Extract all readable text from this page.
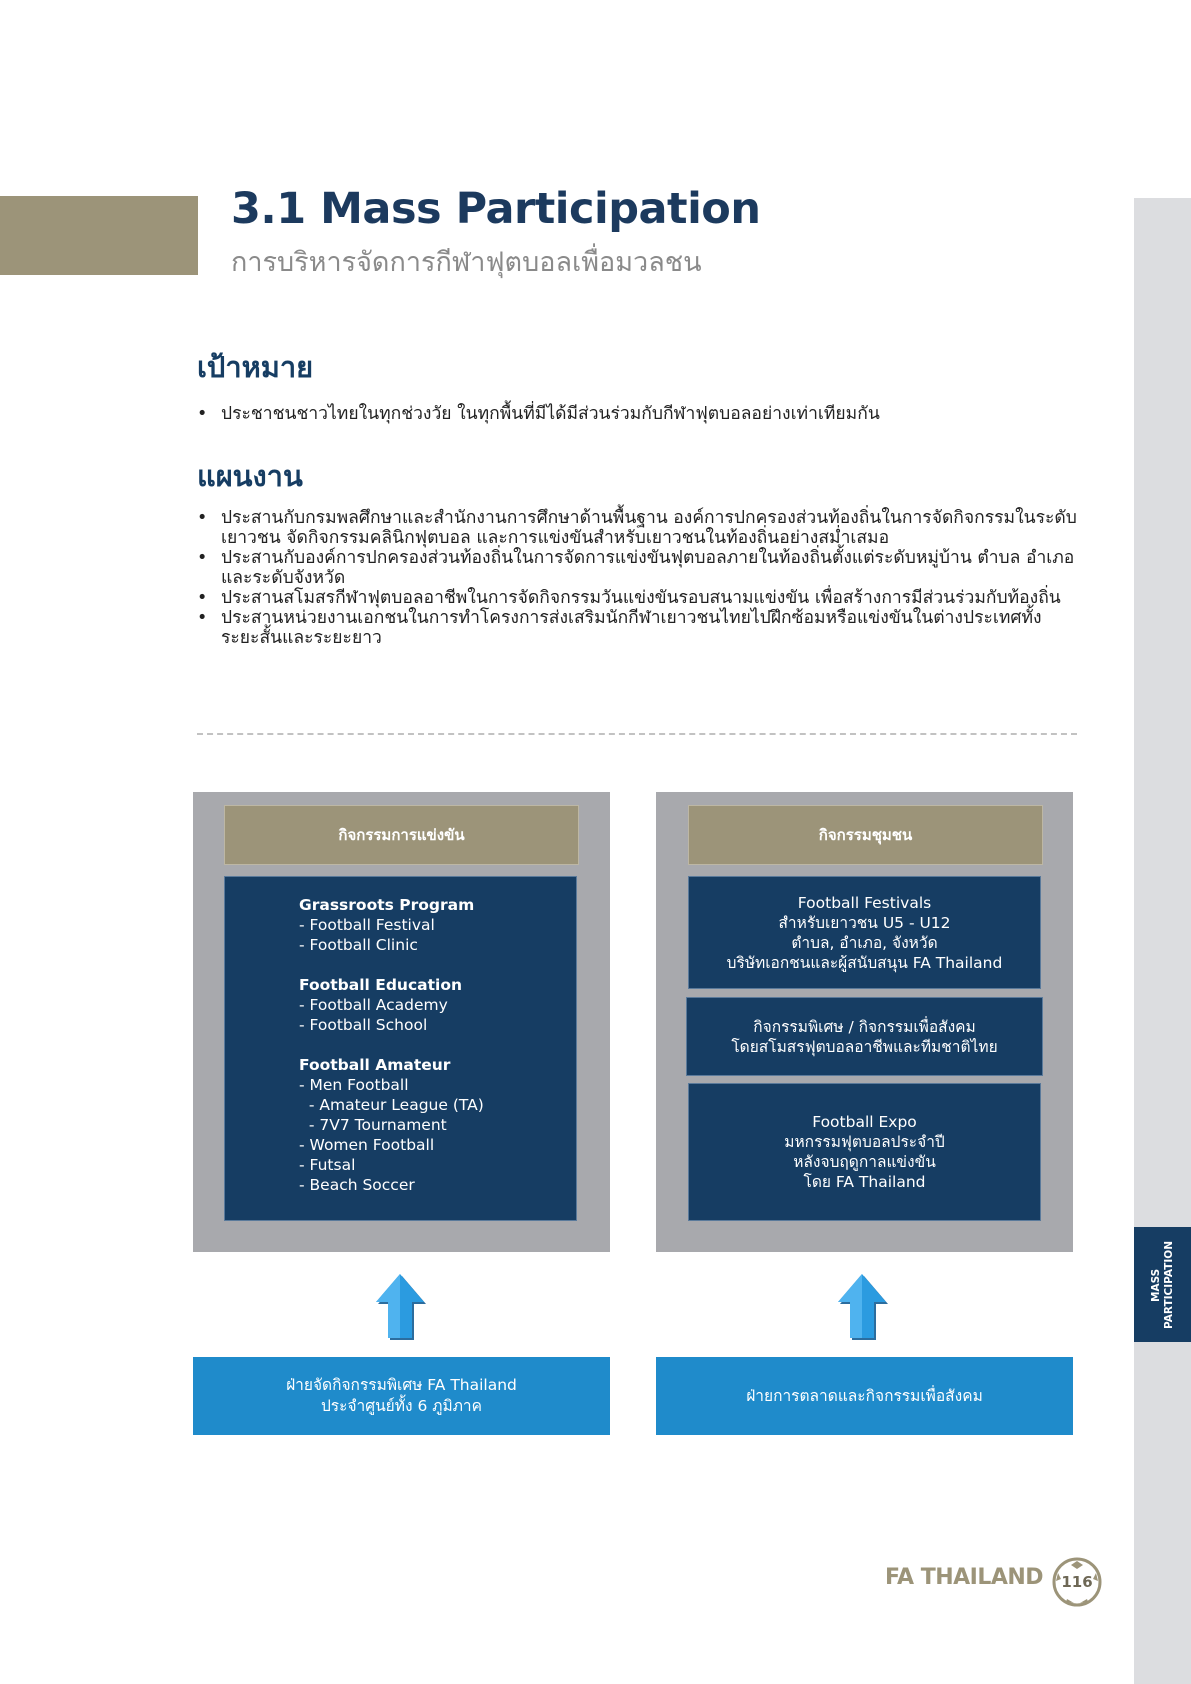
MASS
PARTICIPATION
3.1 Mass Participation
การบริหารจัดการกีฬาฟุตบอลเพื่อมวลชน
เป้าหมาย
• ประชาชนชาวไทยในทุกช่วงวัย ในทุกพื้นที่มีได้มีส่วนร่วมกับกีฬาฟุตบอลอย่างเท่าเทียมกัน
แผนงาน
• ประสานกับกรมพลศึกษาและสำนักงานการศึกษาด้านพื้นฐาน องค์การปกครองส่วนท้องถิ่นในการจัดกิจกรรมในระดับเยาวชน จัดกิจกรรมคลินิกฟุตบอล และการแข่งขันสำหรับเยาวชนในท้องถิ่นอย่างสม่ำเสมอ
• ประสานกับองค์การปกครองส่วนท้องถิ่นในการจัดการแข่งขันฟุตบอลภายในท้องถิ่นตั้งแต่ระดับหมู่บ้าน ตำบล อำเภอและระดับจังหวัด
• ประสานสโมสรกีฬาฟุตบอลอาชีพในการจัดกิจกรรมวันแข่งขันรอบสนามแข่งขัน เพื่อสร้างการมีส่วนร่วมกับท้องถิ่น
• ประสานหน่วยงานเอกชนในการทำโครงการส่งเสริมนักกีฬาเยาวชนไทยไปฝึกซ้อมหรือแข่งขันในต่างประเทศทั้งระยะสั้นและระยะยาว
กิจกรรมการแข่งขัน	กิจกรรมชุมชน
Grassroots Program
- Football Festival
- Football Clinic
Football Education
- Football Academy
- Football School
Football Amateur
- Men Football
- Amateur League (TA)
- 7V7 Tournament
- Women Football
- Futsal
- Beach Soccer
Football Festivals
สำหรับเยาวชน U5 - U12
ตำบล, อำเภอ, จังหวัด
บริษัทเอกชนและผู้สนับสนุน FA Thailand
กิจกรรมพิเศษ / กิจกรรมเพื่อสังคม
โดยสโมสรฟุตบอลอาชีพและทีมชาติไทย
Football Expo
มหกรรมฟุตบอลประจำปี
หลังจบฤดูกาลแข่งขัน
โดย FA Thailand
ฝ่ายจัดกิจกรรมพิเศษ FA Thailand
ประจำศูนย์ทั้ง 6 ภูมิภาค
ฝ่ายการตลาดและกิจกรรมเพื่อสังคม
FA THAILAND	116
